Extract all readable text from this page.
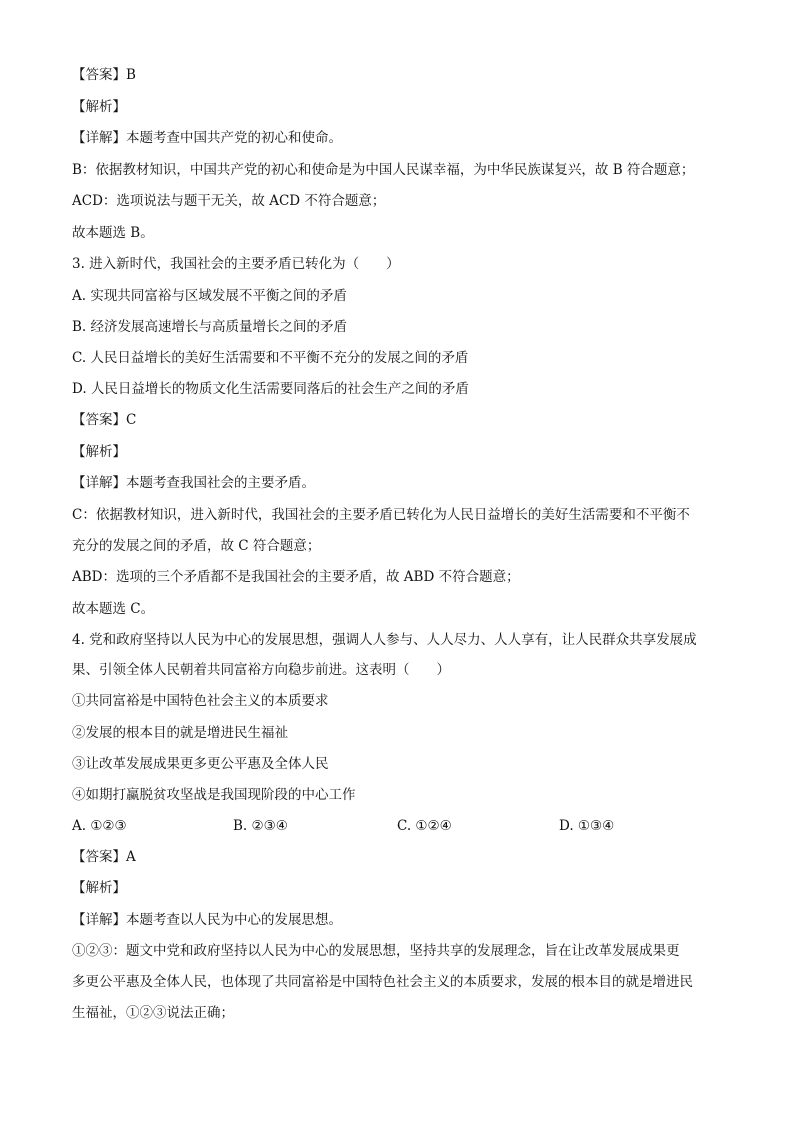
【答案】B
【解析】
【详解】本题考查中国共产党的初心和使命。
B：依据教材知识，中国共产党的初心和使命是为中国人民谋幸福，为中华民族谋复兴，故 B 符合题意；
ACD：选项说法与题干无关，故 ACD 不符合题意；
故本题选 B。
3. 进入新时代，我国社会的主要矛盾已转化为（　　）
A. 实现共同富裕与区域发展不平衡之间的矛盾
B. 经济发展高速增长与高质量增长之间的矛盾
C. 人民日益增长的美好生活需要和不平衡不充分的发展之间的矛盾
D. 人民日益增长的物质文化生活需要同落后的社会生产之间的矛盾
【答案】C
【解析】
【详解】本题考查我国社会的主要矛盾。
C：依据教材知识，进入新时代，我国社会的主要矛盾已转化为人民日益增长的美好生活需要和不平衡不
充分的发展之间的矛盾，故 C 符合题意；
ABD：选项的三个矛盾都不是我国社会的主要矛盾，故 ABD 不符合题意；
故本题选 C。
4. 党和政府坚持以人民为中心的发展思想，强调人人参与、人人尽力、人人享有，让人民群众共享发展成
果、引领全体人民朝着共同富裕方向稳步前进。这表明（　　）
①共同富裕是中国特色社会主义的本质要求
②发展的根本目的就是增进民生福祉
③让改革发展成果更多更公平惠及全体人民
④如期打赢脱贫攻坚战是我国现阶段的中心工作
A. ①②③	B. ②③④	C. ①②④	D. ①③④
【答案】A
【解析】
【详解】本题考查以人民为中心的发展思想。
①②③：题文中党和政府坚持以人民为中心的发展思想，坚持共享的发展理念，旨在让改革发展成果更
多更公平惠及全体人民，也体现了共同富裕是中国特色社会主义的本质要求，发展的根本目的就是增进民
生福祉，①②③说法正确；
